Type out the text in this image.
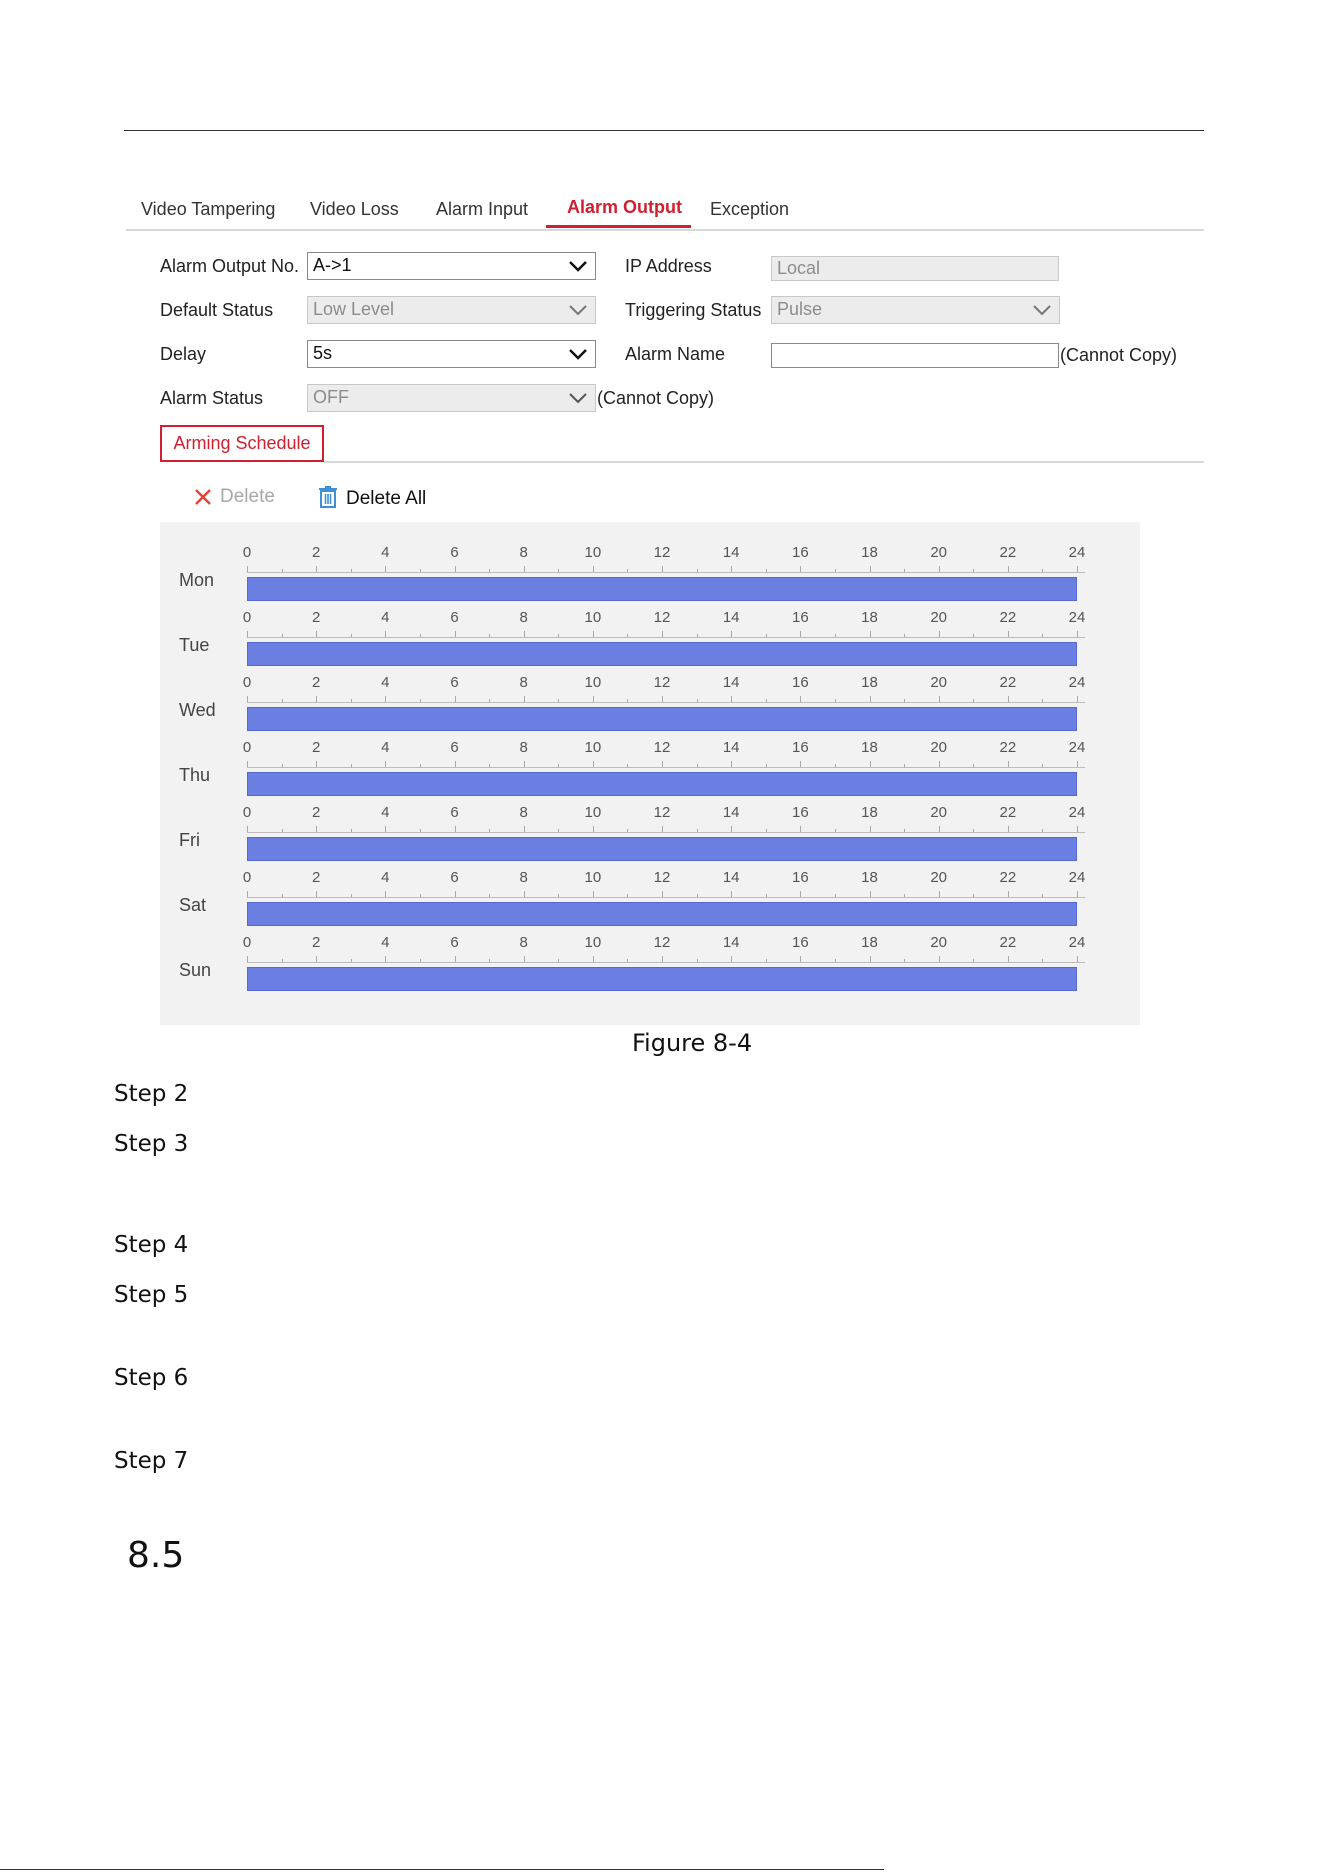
Video Tampering Video Loss Alarm Input Alarm Output Exception
Alarm Output No. A->1	IP Address	Local
Default Status	Low Level	Triggering Status Pulse
Delay	5s	Alarm Name	(Cannot Copy)
Alarm Status	OFF	(Cannot Copy)
Arming Schedule
Delete	Delete All
Mon
0	2	4	6	8	10	12	14	16	18	20	22	24
Tue
0	2	4	6	8	10	12	14	16	18	20	22	24
Wed
0	2	4	6	8	10	12	14	16	18	20	22	24
Thu
0	2	4	6	8	10	12	14	16	18	20	22	24
Fri
0	2	4	6	8	10	12	14	16	18	20	22	24
Sat
0	2	4	6	8	10	12	14	16	18	20	22	24
Sun
0	2	4	6	8	10	12	14	16	18	20	22	24
Figure 8-4
Step 2
Step 3
Step 4
Step 5
Step 6
Step 7
8.5
